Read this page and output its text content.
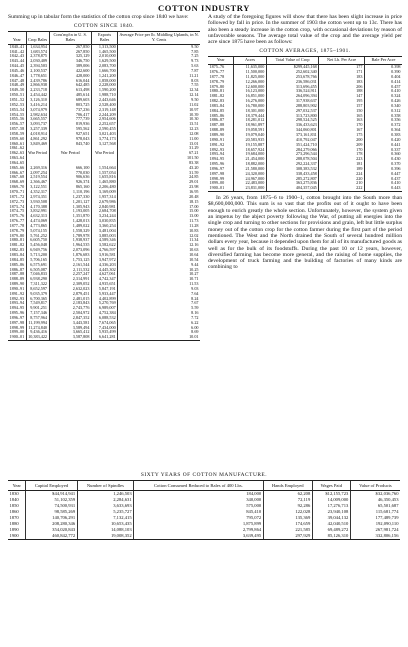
COTTON INDUSTRY

Summing up in tabular form the statistics of the cotton crop since 1840 we have:

COTTON SINCE 1840.
Year	Crop Bales	Cons'mp'tn in U. S. Bales	Exports Bales	Average Price per lb. Middling Uplands, in N. Y. Cents
1840–41	1,634,954	267,850	1,313,500	9.50
1841–42	1,683,574	267,850	1,465,500	7.85
1842–43	2,378,875	325,129	2,010,000	7.25
1843–44	2,030,409	346,750	1,629,500	9.73
1844–45	2,394,503	389,006	2,083,700	5.63
1845–46	2,100,537	422,600	1,666,700	7.87
1846–47	1,778,651	428,000	1,241,200	11.21
1847–48	2,439,786	616,044	1,858,000	8.03
1848–49	2,866,938	642,485	2,228,000	7.55
1849–50	2,233,718	613,498	1,590,200	12.34
1850–51	2,454,442	485,614	1,988,710	12.14
1851–52	3,126,310	689,603	2,443,646	9.50
1852–53	3,416,214	803,725	2,528,400	11.02
1853–54	3,074,979	737,236	2,319,148	10.97
1854–55	2,982,634	706,417	2,244,209	10.39
1855–56	3,665,557	777,739	2,954,606	10.30
1856–57	3,093,737	819,936	2,252,657	13.51
1857–58	3,257,339	595,562	2,590,455	12.23
1858–59	4,018,914	927,651	3,021,403	12.08
1859–60	4,861,292	978,043	3,774,173	11.00
1860–61	3,849,469	843,740	3,127,568	13.01
1861–62				31.29
1862–63	War Period	War Period	War Period	67.21
1863–64				101.50
1864–65				83.38
1865–66	2,269,316	666,100	1,554,664	43.20
1866–67	2,097,254	770,030	1,557,054	31.59
1867–68	2,519,554	906,636	1,655,816	24.85
1868–69	2,366,467	926,374	1,465,880	29.01
1869–70	3,122,551	865,160	2,206,480	23.98
1870–71	4,352,317	1,110,196	3,169,009	16.95
1871–72	2,974,351	1,237,330	1,957,314	20.48
1872–73	3,930,508	1,201,127	2,679,986	18.15
1873–74	4,170,388	1,305,943	2,840,981	17.00
1874–75	3,832,991	1,193,005	2,684,708	15.00
1875–76	4,632,313	1,351,870	3,234,244	13.00
1876–77	4,474,069	1,428,013	3,030,835	11.73
1877–78	4,773,865	1,489,022	3,360,254	11.28
1878–79	5,074,155	1,558,329	3,481,004	10.83
1879–80	5,761,252	1,789,978	3,885,003	12.02
1880–81	6,605,750	1,938,937	4,589,346	11.34
1881–82	5,456,048	1,964,535	3,582,622	12.16
1882–83	6,949,756	2,073,096	4,766,597	10.63
1883–84	5,713,200	1,876,683	3,916,581	10.64
1884–85	5,706,165	1,753,125	3,947,972	10.54
1885–86	6,575,691	2,161,544	4,336,203	9.44
1886–87	6,505,087	2,111,532	4,445,302	10.25
1887–88	7,046,833	2,257,247	4,627,061	10.27
1888–89	6,938,290	2,314,991	4,742,347	10.71
1889–90	7,311,322	2,309,052	4,935,651	11.53
1890–91	8,652,597	2,632,023	5,847,191	9.03
1891–92	9,035,379	2,879,451	5,933,447	7.64
1892–93	6,700,365	2,481,015	4,402,899	8.24
1893–94	7,549,817	2,183,843	5,270,769	7.67
1894–95	9,901,251	2,743,776	6,989,007	5.59
1895–96	7,157,346	2,504,972	4,752,384	8.16
1896–97	8,757,964	2,847,352	6,088,532	7.72
1897–98	11,199,994	3,443,581	7,674,065	6.22
1898–99	11,274,840	3,589,494	7,434,000	6.00
1899–00	9,436,416	3,665,412	5,935,499	8.69
1900–01	10,383,422	3,587,808	6,641,281	10.01

A study of the foregoing figures will show that there has been slight increase in price followed by fall in price. In the summer of 1903 the cotton went up to 13c. There has also been a steady increase in the cotton crop, with occasional deviations by reason of unfavorable seasons. The average total value of the crop and the average yield per acre since 1875 have been as follows:

COTTON AVERAGES, 1875–1901.
Year	Acres	Total Value of Crop	Net Lb. Per Acre	Bale Per Acre
1875–76	11,635,000	$299,445,168	177	0.398
1876–77	11,500,000	252,602,340	171	0.390
1877–78	11,825,000	253,678,766	183	0.404
1878–79	12,266,000	236,586,031	183	0.414
1879–80	12,600,000	313,696,455	206	0.457
1880–81	16,123,000	336,524,911	188	0.410
1881–82	16,851,000	264,096,394	147	0.324
1882–83	16,276,000	317,938,637	195	0.426
1883–84	16,780,000	288,803,902	157	0.340
1884–85	18,301,000	297,032,537	150	0.312
1885–86	18,379,444	313,723,800	165	0.358
1886–87	18,281,012	298,524,525	163	0.356
1887–88	18,961,897	336,433,623	170	0.372
1888–89	19,058,591	344,060,801	167	0.364
1889–90	19,079,040	373,161,831	175	0.383
1890–91	20,583,935	410,792,047	200	0.420
1891–92	19,155,887	351,424,710	209	0.441
1892–93	18,657,924	284,279,066	170	0.337
1893–94	19,684,000	273,296,544	178	0.360
1894–95	21,454,000	288,078,504	223	0.430
1895–96	18,882,000	292,224,337	181	0.370
1896–97	21,580,000	308,383,532	189	0.396
1897–98	24,320,000	338,433,458	224	0.447
1898–99	24,967,000	285,272,807	220	0.437
1899–00	22,483,000	363,275,836	210	0.410
1900–01	23,831,000	404,357,045	222	0.443

In 26 years, from 1875–6 to 1900–1, cotton brought into the South more than $8,600,000,000. This sum is so vast that the profits out of it ought to have been enough to enrich greatly the whole section. Unfortunately, however, the system given an impetus by the abject poverty following the War, of putting all energies into the single crop and turning to other sections for provisions and grain, left but little surplus money out of the cotton crop for the cotton farmer during the first part of the period mentioned. The West and the North drained the South of several hundred million dollars every year, because it depended upon them for all of its manufactured goods as well as for the bulk of its foodstuffs. During the past 10 or 12 years, however, diversified farming has become more general, and the raising of home supplies, the development of truck farming and the building of factories of many kinds are combining to

SIXTY YEARS OF COTTON MANUFACTURE.
Year	Capital Employed	Number of Spindles	Cotton Consumed Reduced to Bales of 400 Lbs.	Hands Employed	Wages Paid	Value of Products
1830	$44,914,941	1,246,503	184,000	62,208	$12,155,723	$32,036,760
1840	51,102,359	2,284,631	340,000	72,119	14,009,000	46,350,453
1850	74,500,931	3,633,693	575,000	92,286	17,276,713	65,501,687
1860	98,585,269	5,235,727	845,410	122,028	23,940,108	115,681,774
1870	140,706,291	7,132,415	795,072	135,369	39,044,132	177,489,739
1880	208,280,346	10,653,435	1,875,899	174,659	42,040,510	192,090,110
1890	354,020,843	14,088,103	2,799,864	221,585	69,489,272	267,981,724
1900	460,842,772	19,008,352	3,639,495	297,929	85,126,310	332,806,156
